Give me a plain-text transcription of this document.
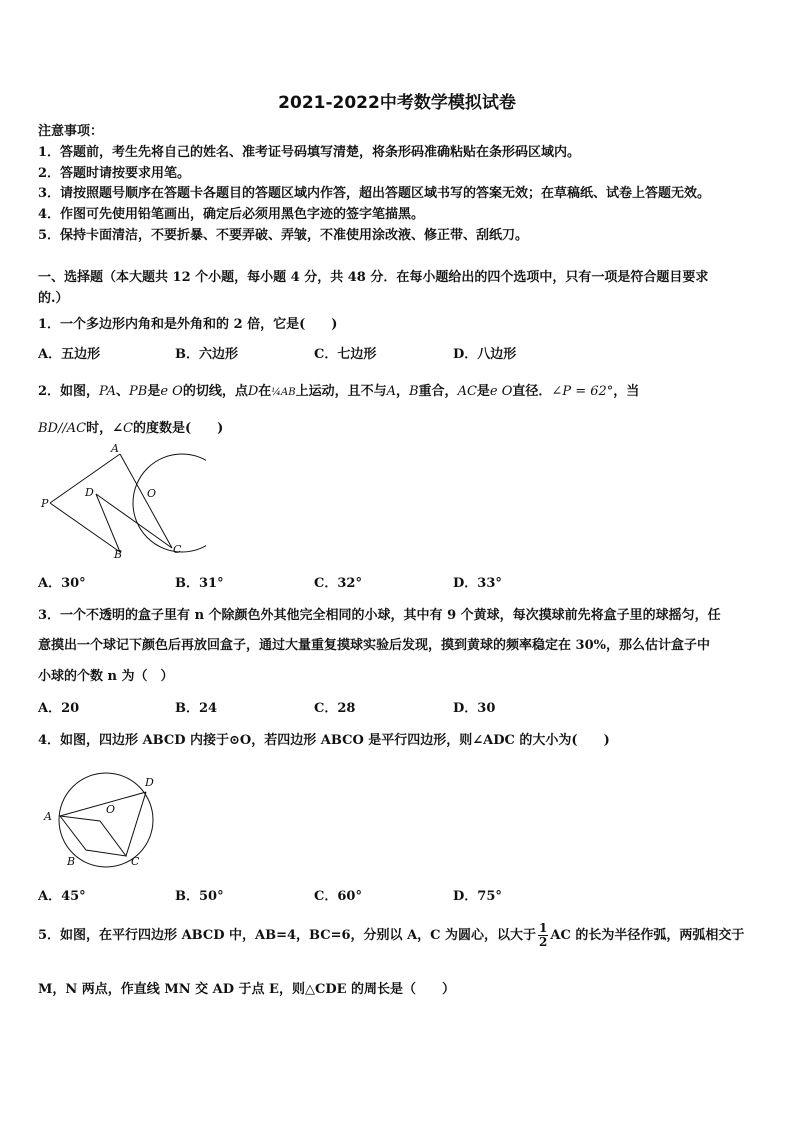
2021-2022中考数学模拟试卷
注意事项：
1．答题前，考生先将自己的姓名、准考证号码填写清楚，将条形码准确粘贴在条形码区域内。
2．答题时请按要求用笔。
3．请按照题号顺序在答题卡各题目的答题区域内作答，超出答题区域书写的答案无效；在草稿纸、试卷上答题无效。
4．作图可先使用铅笔画出，确定后必须用黑色字迹的签字笔描黑。
5．保持卡面清洁，不要折暴、不要弄破、弄皱，不准使用涂改液、修正带、刮纸刀。
一、选择题（本大题共 12 个小题，每小题 4 分，共 48 分．在每小题给出的四个选项中，只有一项是符合题目要求
的.）
1．一个多边形内角和是外角和的 2 倍，它是(　　)
A．五边形	B．六边形	C．七边形	D．八边形
2．如图，PA、PB是e O的切线，点D在¼AB上运动，且不与A，B重合，AC是e O直径．∠P = 62°，当
BD//AC时，∠C的度数是(　　)
A
O
D
P
B	C
A．30°	B．31°	C．32°	D．33°
3．一个不透明的盒子里有 n 个除颜色外其他完全相同的小球，其中有 9 个黄球，每次摸球前先将盒子里的球摇匀，任
意摸出一个球记下颜色后再放回盒子，通过大量重复摸球实验后发现，摸到黄球的频率稳定在 30%，那么估计盒子中
小球的个数 n 为（　）
A．20	B．24	C．28	D．30
4．如图，四边形 ABCD 内接于⊙O，若四边形 ABCO 是平行四边形，则∠ADC 的大小为(　　)
D
O
A
B	C
A．45°	B．50°	C．60°	D．75°
5．如图，在平行四边形 ABCD 中，AB=4，BC=6，分别以 A，C 为圆心，以大于 $\frac{1}{2}$ AC 的长为半径作弧，两弧相交于
M，N 两点，作直线 MN 交 AD 于点 E，则△CDE 的周长是（　　）
